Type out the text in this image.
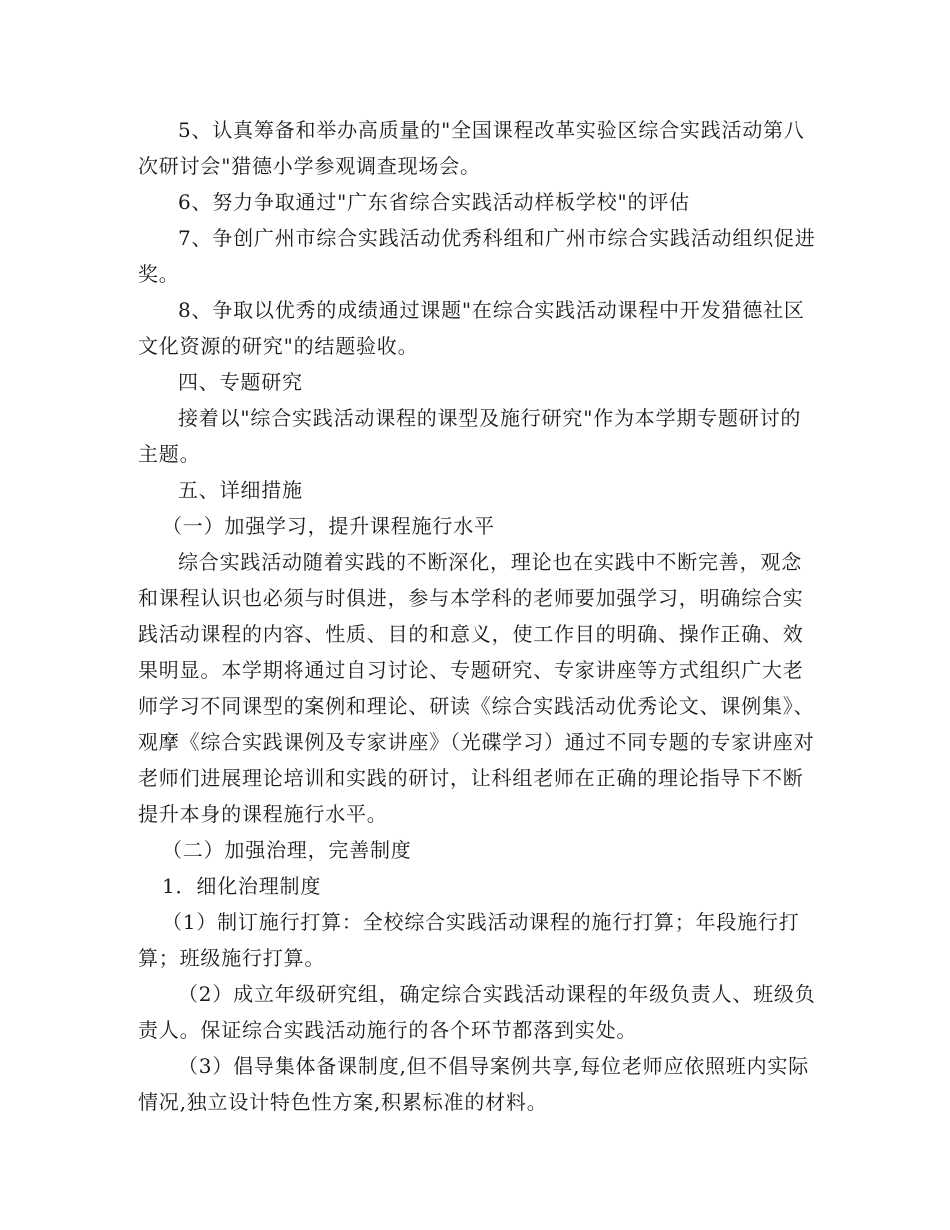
5、认真筹备和举办高质量的"全国课程改革实验区综合实践活动第八次研讨会"猎德小学参观调查现场会。

6、努力争取通过"广东省综合实践活动样板学校"的评估

7、争创广州市综合实践活动优秀科组和广州市综合实践活动组织促进奖。

8、争取以优秀的成绩通过课题"在综合实践活动课程中开发猎德社区文化资源的研究"的结题验收。

四、专题研究

接着以"综合实践活动课程的课型及施行研究"作为本学期专题研讨的主题。

五、详细措施

（一）加强学习，提升课程施行水平

综合实践活动随着实践的不断深化，理论也在实践中不断完善，观念和课程认识也必须与时俱进，参与本学科的老师要加强学习，明确综合实践活动课程的内容、性质、目的和意义，使工作目的明确、操作正确、效果明显。本学期将通过自习讨论、专题研究、专家讲座等方式组织广大老师学习不同课型的案例和理论、研读《综合实践活动优秀论文、课例集》、观摩《综合实践课例及专家讲座》（光碟学习）通过不同专题的专家讲座对老师们进展理论培训和实践的研讨，让科组老师在正确的理论指导下不断提升本身的课程施行水平。

（二）加强治理，完善制度

1．细化治理制度

（1）制订施行打算：全校综合实践活动课程的施行打算；年段施行打算；班级施行打算。

（2）成立年级研究组，确定综合实践活动课程的年级负责人、班级负责人。保证综合实践活动施行的各个环节都落到实处。

（3）倡导集体备课制度,但不倡导案例共享,每位老师应依照班内实际情况,独立设计特色性方案,积累标准的材料。
